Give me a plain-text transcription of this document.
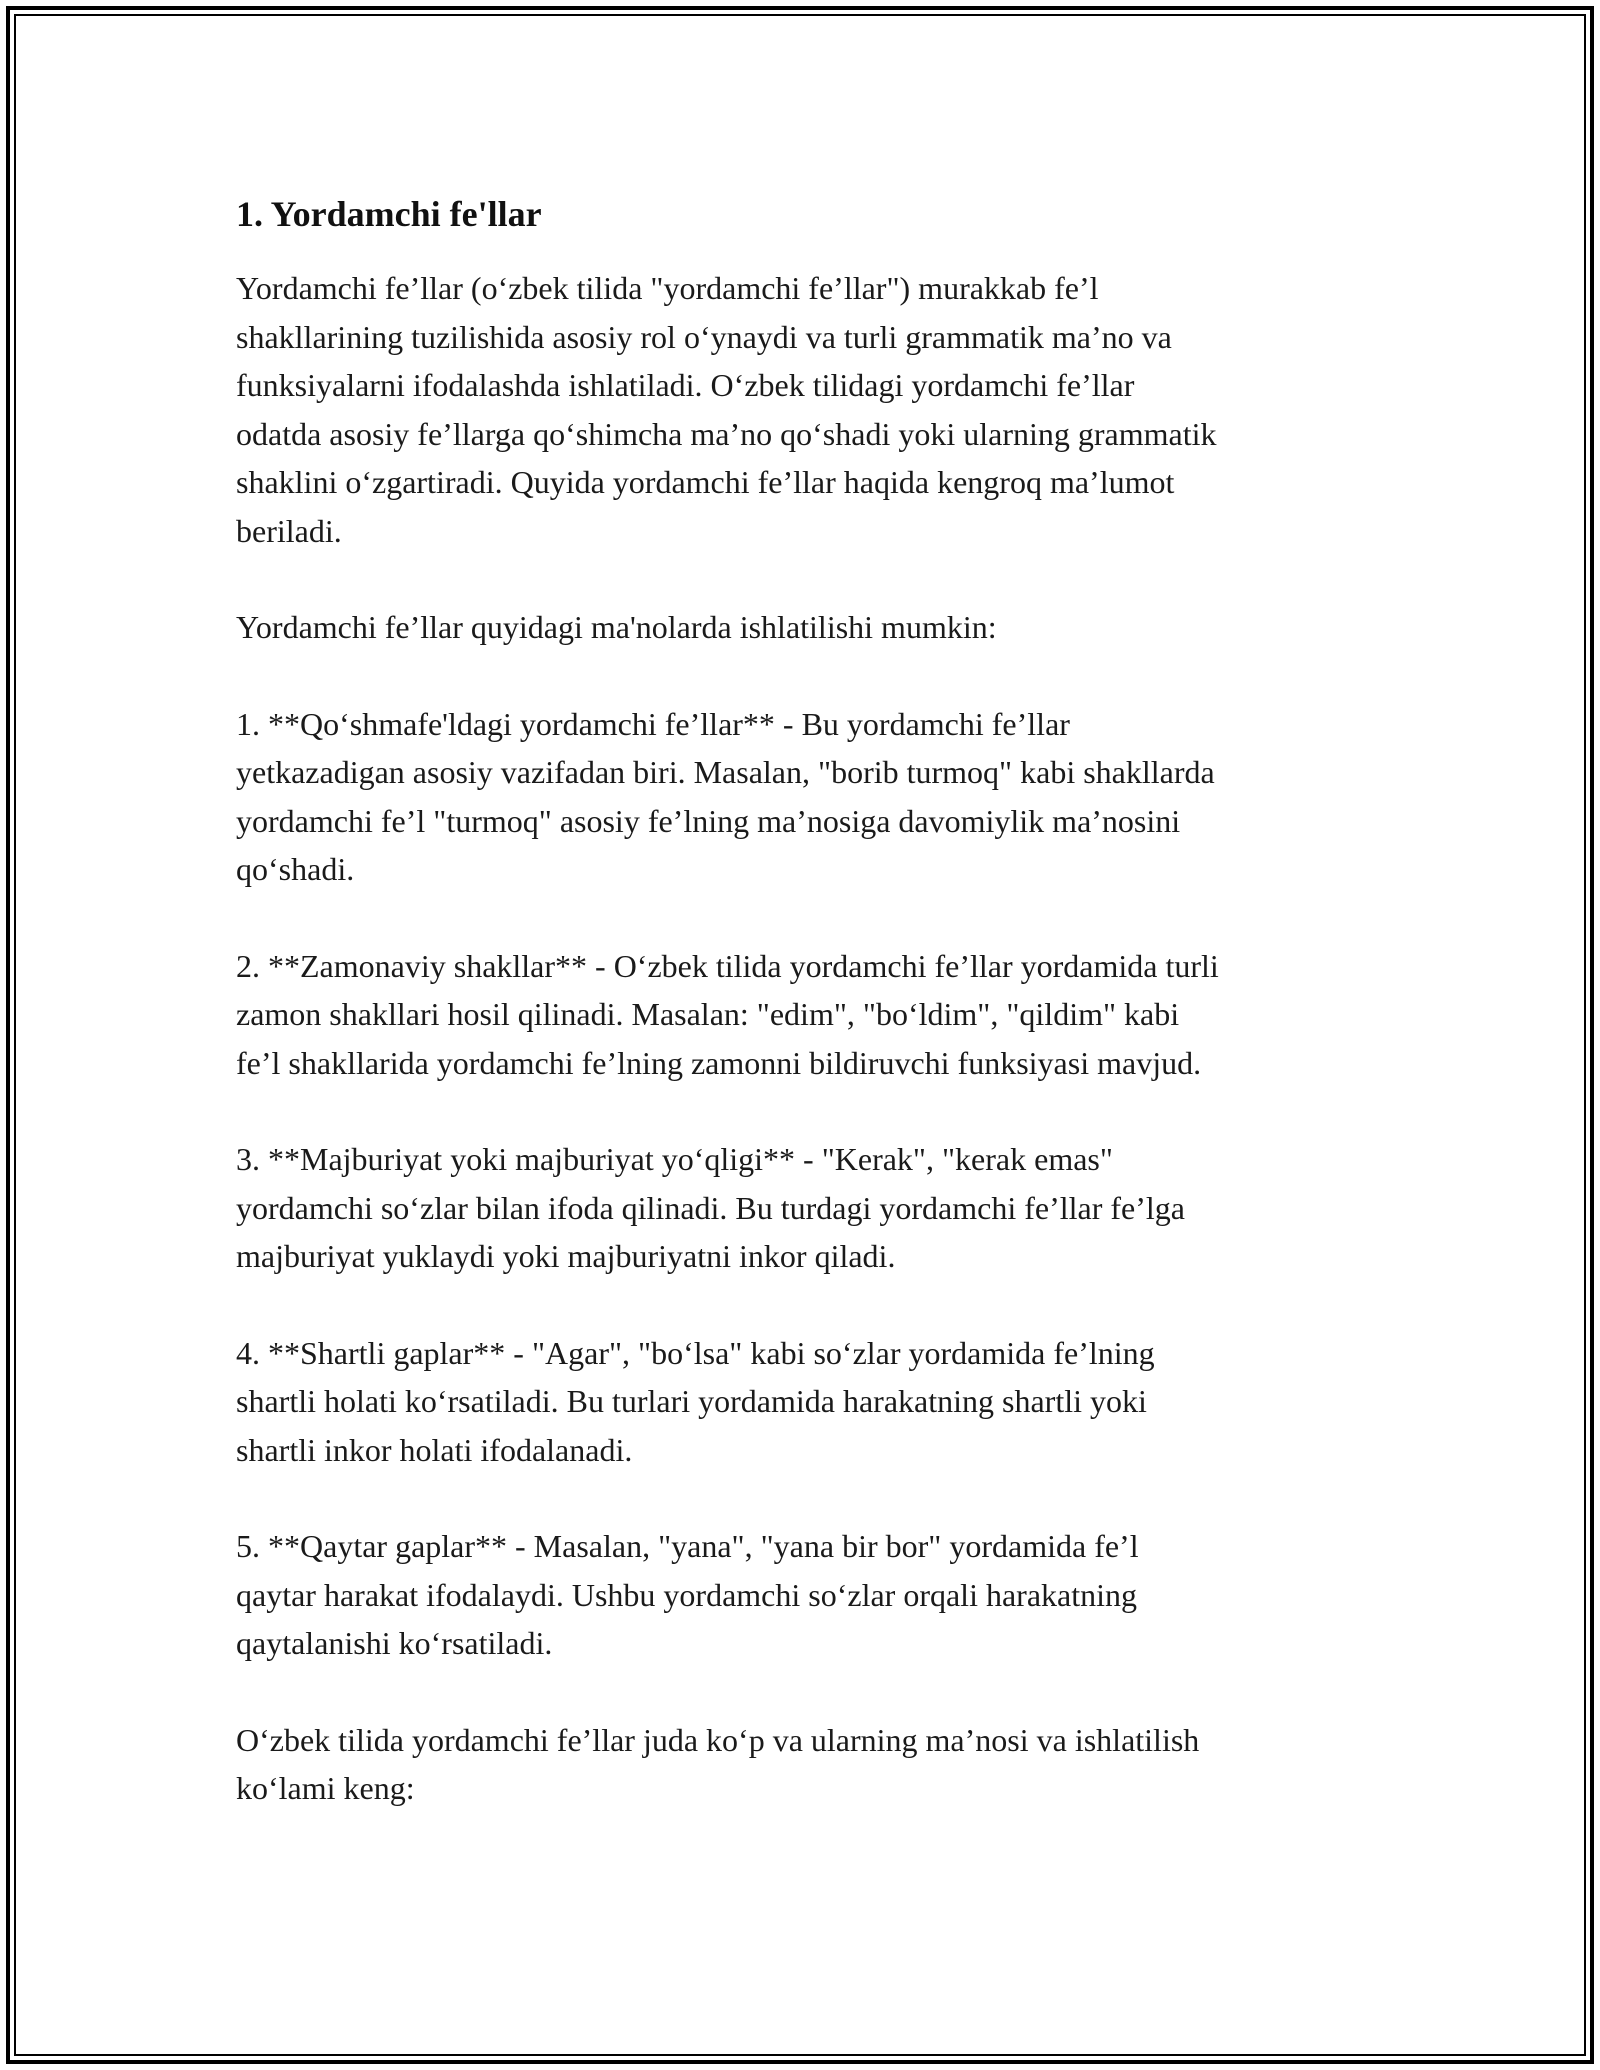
1. Yordamchi fe'llar

Yordamchi fe’llar (o‘zbek tilida "yordamchi fe’llar") murakkab fe’l
shakllarining tuzilishida asosiy rol o‘ynaydi va turli grammatik ma’no va
funksiyalarni ifodalashda ishlatiladi. O‘zbek tilidagi yordamchi fe’llar
odatda asosiy fe’llarga qo‘shimcha ma’no qo‘shadi yoki ularning grammatik
shaklini o‘zgartiradi. Quyida yordamchi fe’llar haqida kengroq ma’lumot
beriladi.

Yordamchi fe’llar quyidagi ma'nolarda ishlatilishi mumkin:

1. **Qo‘shmafe'ldagi yordamchi fe’llar** - Bu yordamchi fe’llar
yetkazadigan asosiy vazifadan biri. Masalan, "borib turmoq" kabi shakllarda
yordamchi fe’l "turmoq" asosiy fe’lning ma’nosiga davomiylik ma’nosini
qo‘shadi.

2. **Zamonaviy shakllar** - O‘zbek tilida yordamchi fe’llar yordamida turli
zamon shakllari hosil qilinadi. Masalan: "edim", "bo‘ldim", "qildim" kabi
fe’l shakllarida yordamchi fe’lning zamonni bildiruvchi funksiyasi mavjud.

3. **Majburiyat yoki majburiyat yo‘qligi** - "Kerak", "kerak emas"
yordamchi so‘zlar bilan ifoda qilinadi. Bu turdagi yordamchi fe’llar fe’lga
majburiyat yuklaydi yoki majburiyatni inkor qiladi.

4. **Shartli gaplar** - "Agar", "bo‘lsa" kabi so‘zlar yordamida fe’lning
shartli holati ko‘rsatiladi. Bu turlari yordamida harakatning shartli yoki
shartli inkor holati ifodalanadi.

5. **Qaytar gaplar** - Masalan, "yana", "yana bir bor" yordamida fe’l
qaytar harakat ifodalaydi. Ushbu yordamchi so‘zlar orqali harakatning
qaytalanishi ko‘rsatiladi.

O‘zbek tilida yordamchi fe’llar juda ko‘p va ularning ma’nosi va ishlatilish
ko‘lami keng:
